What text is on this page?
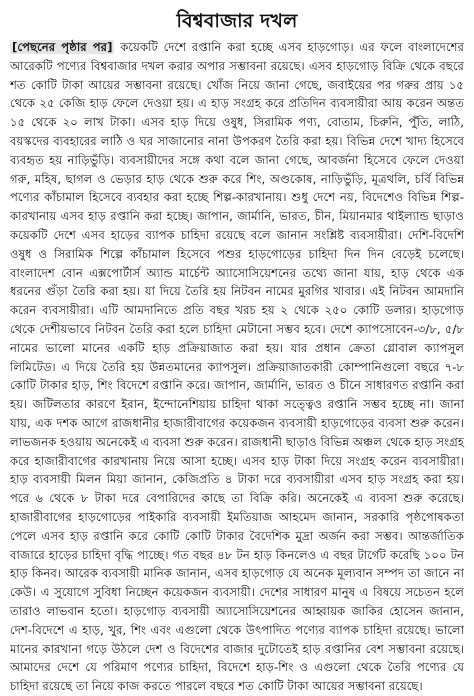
বিশ্ববাজার দখল
[পেছনের পৃষ্ঠার পর] কয়েকটি দেশে রপ্তানি করা হচ্ছে এসব হাড়গোড়। এর ফলে বাংলাদেশের আরেকটি পণ্যের বিশ্ববাজার দখল করার অপার সম্ভাবনা রয়েছে। এসব হাড়গোড় বিক্রি থেকে বছরে শত কোটি টাকা আয়ের সম্ভাবনা রয়েছে। খোঁজ নিয়ে জানা গেছে, জবাইয়ের পর গরুর প্রায় ১৫ থেকে ২৫ কেজি হাড় ফেলে দেওয়া হয়। এ হাড় সংগ্রহ করে প্রতিদিন ব্যবসায়ীরা আয় করেন অন্তত ১৫ থেকে ২০ লাখ টাকা। এসব হাড় দিয়ে ওষুধ, সিরামিক পণ্য, বোতাম, চিরুনি, পুঁতি, লাঠি, বয়স্কদের ব্যবহারের লাঠি ও ঘর সাজানোর নানা উপকরণ তৈরি করা হয়। বিভিন্ন দেশে খাদ্য হিসেবে ব্যবহৃত হয় নাড়িভুঁড়ি। ব্যবসায়ীদের সঙ্গে কথা বলে জানা গেছে, আবর্জনা হিসেবে ফেলে দেওয়া গরু, মহিষ, ছাগল ও ভেড়ার হাড় থেকে শুরু করে শিং, অণ্ডকোষ, নাড়িভুঁড়ি, মূত্রথলি, চর্বি বিভিন্ন পণ্যের কাঁচামাল হিসেবে ব্যবহার করা হচ্ছে শিল্প-কারখানায়। শুধু দেশে নয়, বিদেশেও বিভিন্ন শিল্প-কারখানায় এসব হাড় রপ্তানি করা হচ্ছে। জাপান, জার্মানি, ভারত, চীন, মিয়ানমার থাইল্যান্ড ছাড়াও কয়েকটি দেশে এসব হাড়ের ব্যাপক চাহিদা রয়েছে বলে জানান সংশ্লিষ্ট ব্যবসায়ীরা। দেশি-বিদেশি ওষুধ ও সিরামিক শিল্পে কাঁচামাল হিসেবে পশুর হাড়গোড়ের চাহিদা দিন দিন বেড়েই চলেছে। বাংলাদেশ বোন এক্সপোর্টার্স অ্যান্ড মার্চেন্ট অ্যাসোসিয়েশনের তথ্যে জানা যায়, হাড় থেকে এক ধরনের গুঁড়া তৈরি করা হয়। যা দিয়ে তৈরি হয় নিটবন নামের মুরগির খাবার। এই নিটবন আমদানি করেন ব্যবসায়ীরা। এটি আমদানিতে প্রতি বছর খরচ হয় ২ থেকে ২৫০ কোটি ডলার। হাড়গোড় থেকে দেশীয়ভাবে নিটবন তৈরি করা হলে চাহিদা মেটানো সম্ভব হবে। দেশে ক্যাপসোবেন-৩/৮, ৫/৮ নামের ভালো মানের একটি হাড় প্রক্রিয়াজাত করা হয়। যার প্রধান ক্রেতা গ্লোবাল ক্যাপসুল লিমিটেড। এ দিয়ে তৈরি হয় উন্নতমানের ক্যাপসুল। প্রক্রিয়াজাতকারী কোম্পানিগুলো বছরে ৭-৮ কোটি টাকার হাড়, শিং বিদেশে রপ্তানি করে। জাপান, জার্মানি, ভারত ও চীনে সাধারণত রপ্তানি করা হয়। জটিলতার কারণে ইরান, ইন্দোনেশিয়ায় চাহিদা থাকা সত্ত্বেও রপ্তানি সম্ভব হচ্ছে না। জানা যায়, এক দশক আগে রাজধানীর হাজারীবাগের কয়েকজন ব্যবসায়ী হাড়গোড়ের ব্যবসা শুরু করেন। লাভজনক হওয়ায় অনেকেই এ ব্যবসা শুরু করেন। রাজধানী ছাড়াও বিভিন্ন অঞ্চল থেকে হাড় সংগ্রহ করে হাজারীবাগের কারখানায় নিয়ে আসা হচ্ছে। এসব হাড় টাকা দিয়ে সংগ্রহ করেন ব্যবসায়ীরা। হাড় ব্যবসায়ী মিলন মিয়া জানান, কেজিপ্রতি ৪ টাকা দরে ব্যবসায়ীরা এসব হাড় সংগ্রহ করা হয়। পরে ৬ থেকে ৮ টাকা দরে বেপারিদের কাছে তা বিক্রি করি। অনেকেই এ ব্যবসা শুরু করেছে। হাজারীবাগের হাড়গোড়ের পাইকারি ব্যবসায়ী ইমতিয়াজ আহমেদ জানান, সরকারি পৃষ্ঠপোষকতা পেলে এসব হাড় রপ্তানি করে কোটি কোটি টাকার বৈদেশিক মুদ্রা অর্জন করা সম্ভব। আন্তর্জাতিক বাজারে হাড়ের চাহিদা বৃদ্ধি পাচ্ছে। গত বছর ৪৮ টন হাড় কিনলেও এ বছর টার্গেট করেছি ১০০ টন হাড় কিনব। আরেক ব্যবসায়ী মানিক জানান, এসব হাড়গোড় যে অনেক মূল্যবান সম্পদ তা জানে না কেউ। এ সুযোগে সুবিধা নিচ্ছেন কয়েকজন ব্যবসায়ী। দেশের সাধারণ মানুষ এ বিষয়ে সচেতন হলে তারাও লাভবান হতো। হাড়গোড় ব্যবসায়ী অ্যাসোসিয়েশনের আহ্বায়ক জাকির হোসেন জানান, দেশ-বিদেশে এ হাড়, খুর, শিং এবং এগুলো থেকে উৎপাদিত পণ্যের ব্যাপক চাহিদা রয়েছে। ভালো মানের কারখানা গড়ে উঠলে দেশ ও বিদেশের বাজার দুটোতেই হাড় রপ্তানির বেশ সম্ভাবনা রয়েছে। আমাদের দেশে যে পরিমাণ পণ্যের চাহিদা, বিদেশে হাড়-শিং ও এগুলো থেকে তৈরি পণ্যের যে চাহিদা রয়েছে তা নিয়ে কাজ করতে পারলে বছরে শত কোটি টাকা আয়ের সম্ভাবনা রয়েছে।
